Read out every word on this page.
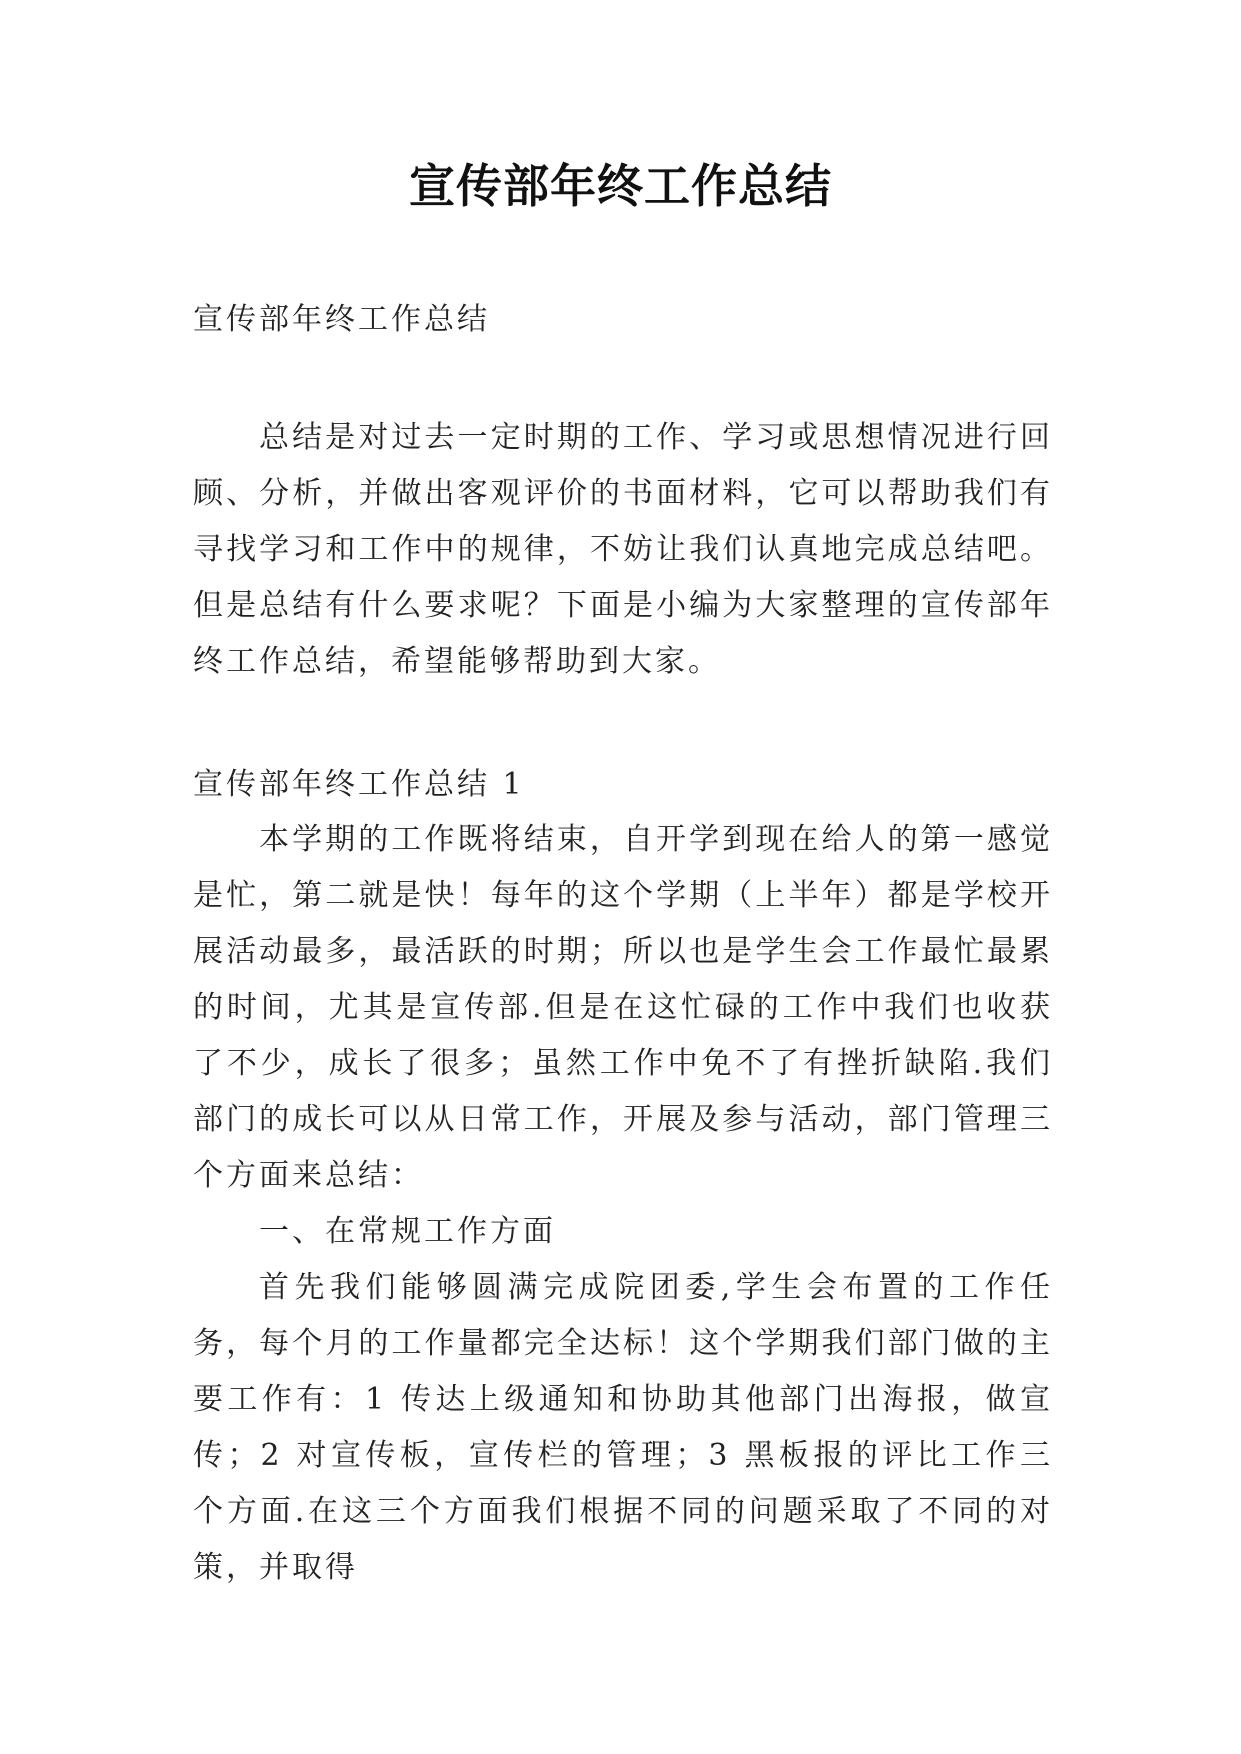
宣传部年终工作总结
宣传部年终工作总结
总结是对过去一定时期的工作、学习或思想情况进行回顾、分析，并做出客观评价的书面材料，它可以帮助我们有寻找学习和工作中的规律，不妨让我们认真地完成总结吧。但是总结有什么要求呢？下面是小编为大家整理的宣传部年终工作总结，希望能够帮助到大家。
宣传部年终工作总结 1

本学期的工作既将结束，自开学到现在给人的第一感觉是忙，第二就是快！每年的这个学期（上半年）都是学校开展活动最多，最活跃的时期；所以也是学生会工作最忙最累的时间，尤其是宣传部.但是在这忙碌的工作中我们也收获了不少，成长了很多；虽然工作中免不了有挫折缺陷.我们部门的成长可以从日常工作，开展及参与活动，部门管理三个方面来总结：

一、在常规工作方面

首先我们能够圆满完成院团委,学生会布置的工作任务，每个月的工作量都完全达标！这个学期我们部门做的主要工作有：1 传达上级通知和协助其他部门出海报，做宣传；2 对宣传板，宣传栏的管理；3 黑板报的评比工作三个方面.在这三个方面我们根据不同的问题采取了不同的对策，并取得
